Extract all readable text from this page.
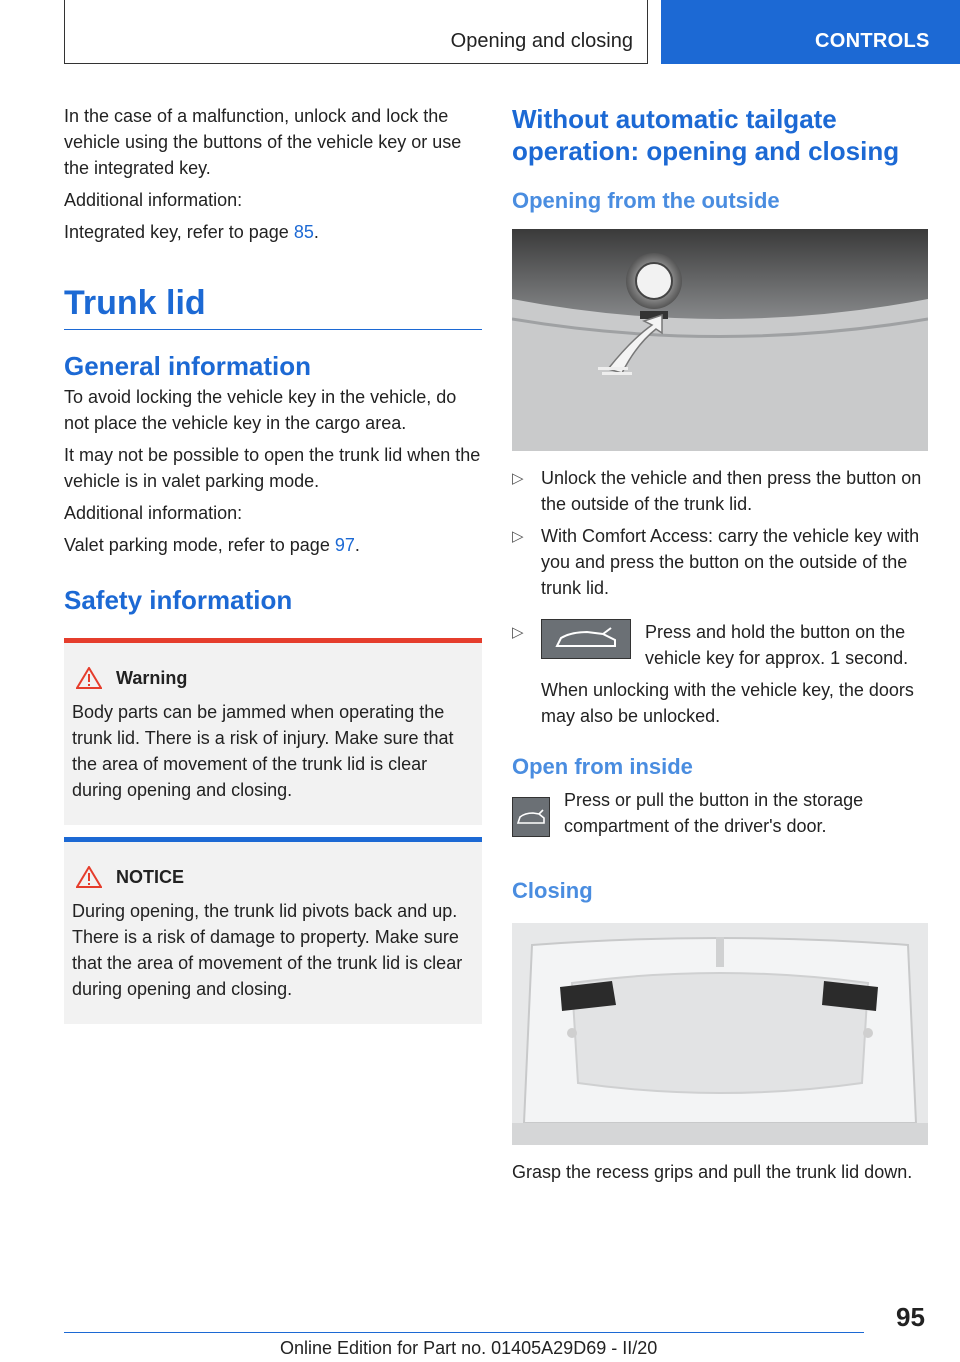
Opening and closing	CONTROLS

In the case of a malfunction, unlock and lock the vehicle using the buttons of the vehicle key or use the integrated key.

Additional information:

Integrated key, refer to page 85.

Trunk lid
General information

To avoid locking the vehicle key in the vehicle, do not place the vehicle key in the cargo area.

It may not be possible to open the trunk lid when the vehicle is in valet parking mode.

Additional information:

Valet parking mode, refer to page 97.

Safety information
Warning

Body parts can be jammed when operating the trunk lid. There is a risk of injury. Make sure that the area of movement of the trunk lid is clear during opening and closing.

NOTICE

During opening, the trunk lid pivots back and up. There is a risk of damage to property. Make sure that the area of movement of the trunk lid is clear during opening and closing.

Without automatic tailgate operation: opening and closing
Opening from the outside
▷ Unlock the vehicle and then press the button on the outside of the trunk lid.
▷ With Comfort Access: carry the vehicle key with you and press the button on the outside of the trunk lid.
▷	Press and hold the button on the vehicle key for approx. 1 second.

When unlocking with the vehicle key, the doors may also be unlocked.

Open from inside

Press or pull the button in the storage compartment of the driver's door.

Closing

Grasp the recess grips and pull the trunk lid down.

95
Online Edition for Part no. 01405A29D69 - II/20
